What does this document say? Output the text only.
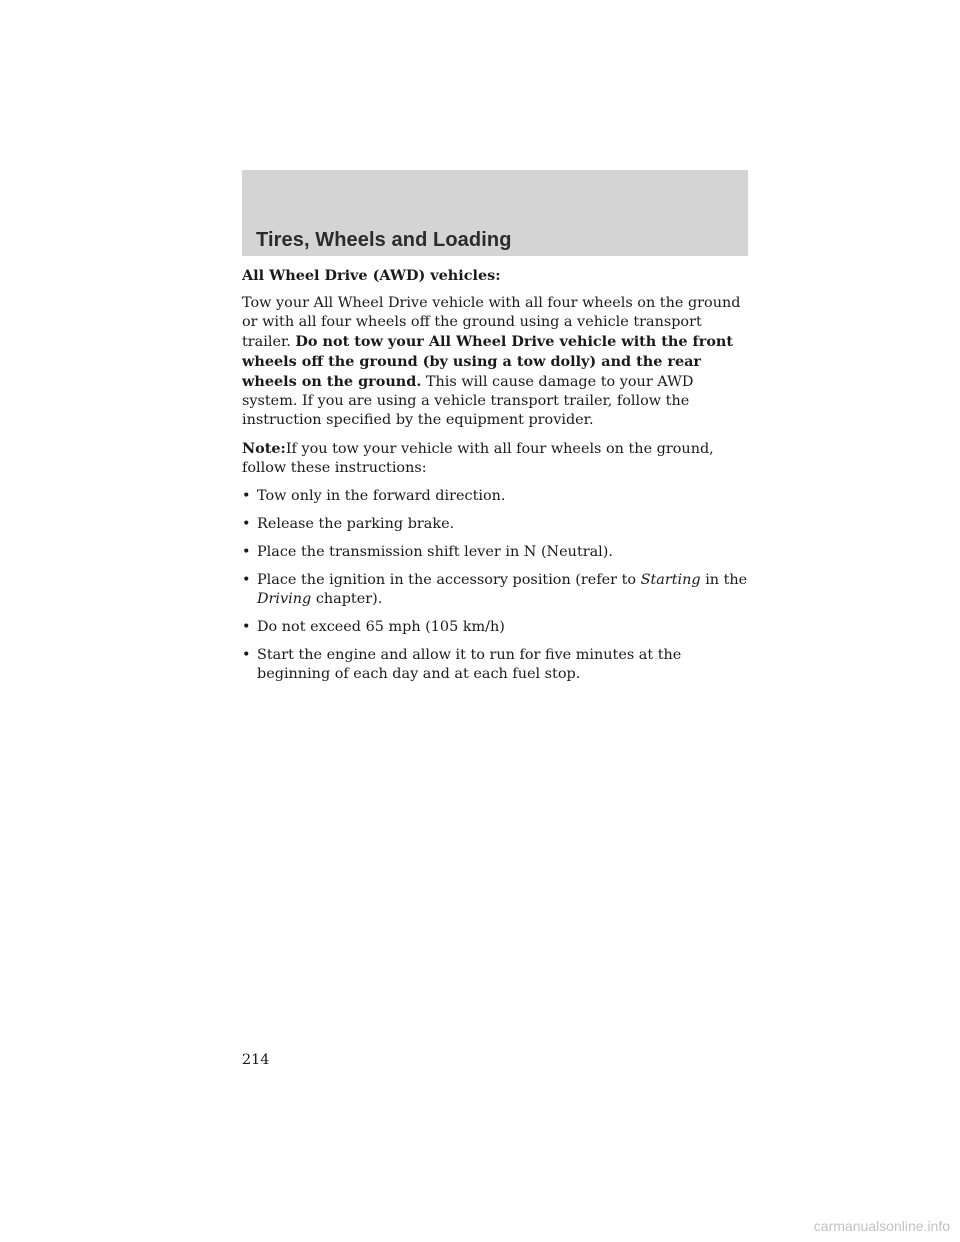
Tires, Wheels and Loading

All Wheel Drive (AWD) vehicles:

Tow your All Wheel Drive vehicle with all four wheels on the ground or with all four wheels off the ground using a vehicle transport trailer. Do not tow your All Wheel Drive vehicle with the front wheels off the ground (by using a tow dolly) and the rear wheels on the ground. This will cause damage to your AWD system. If you are using a vehicle transport trailer, follow the instruction specified by the equipment provider.

Note:If you tow your vehicle with all four wheels on the ground, follow these instructions:

• Tow only in the forward direction.
• Release the parking brake.
• Place the transmission shift lever in N (Neutral).
• Place the ignition in the accessory position (refer to Starting in the Driving chapter).
• Do not exceed 65 mph (105 km/h)
• Start the engine and allow it to run for five minutes at the beginning of each day and at each fuel stop.
214
carmanualsonline.info
